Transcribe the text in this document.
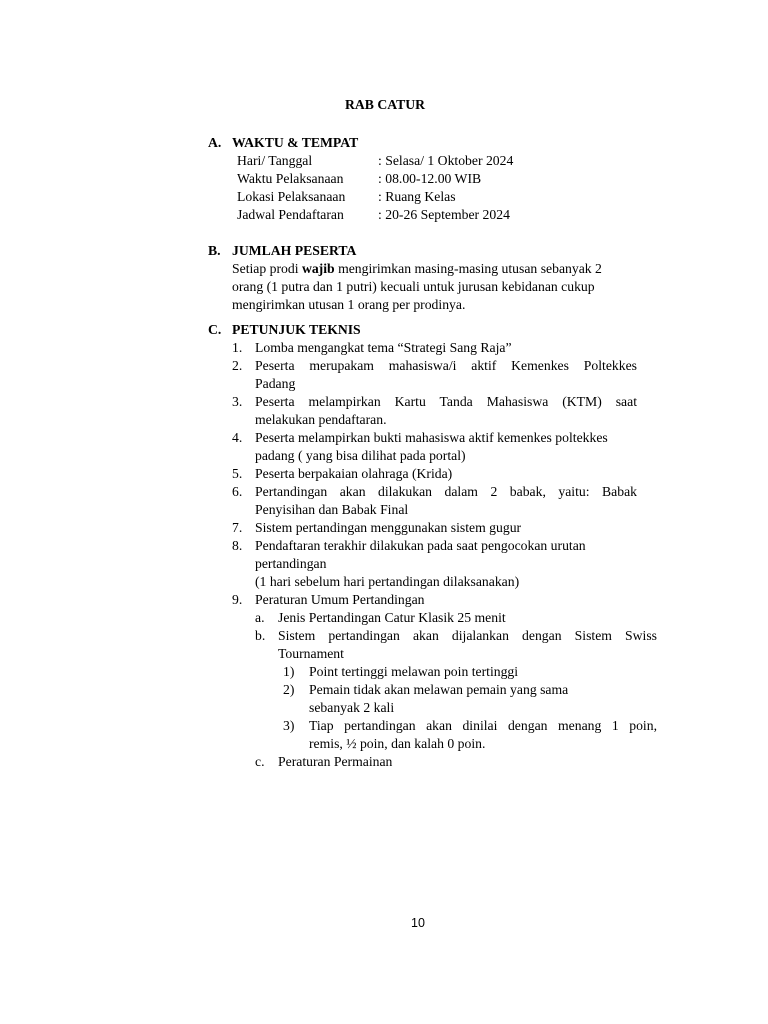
RAB CATUR
A. WAKTU & TEMPAT
Hari/ Tanggal	: Selasa/ 1 Oktober 2024
Waktu Pelaksanaan	: 08.00-12.00 WIB
Lokasi Pelaksanaan : Ruang Kelas
Jadwal Pendaftaran : 20-26 September 2024
B. JUMLAH PESERTA
Setiap prodi wajib mengirimkan masing-masing utusan sebanyak 2
orang (1 putra dan 1 putri) kecuali untuk jurusan kebidanan cukup
mengirimkan utusan 1 orang per prodinya.
C. PETUNJUK TEKNIS
1. Lomba mengangkat tema “Strategi Sang Raja”
2. Peserta merupakam mahasiswa/i aktif Kemenkes Poltekkes
Padang
3. Peserta melampirkan Kartu Tanda Mahasiswa (KTM) saat
melakukan pendaftaran.
4. Peserta melampirkan bukti mahasiswa aktif kemenkes poltekkes
padang ( yang bisa dilihat pada portal)
5. Peserta berpakaian olahraga (Krida)
6. Pertandingan akan dilakukan dalam 2 babak, yaitu: Babak
Penyisihan dan Babak Final
7. Sistem pertandingan menggunakan sistem gugur
8. Pendaftaran terakhir dilakukan pada saat pengocokan urutan
pertandingan
(1 hari sebelum hari pertandingan dilaksanakan)
9. Peraturan Umum Pertandingan
a. Jenis Pertandingan Catur Klasik 25 menit
b. Sistem pertandingan akan dijalankan dengan Sistem Swiss
Tournament
1) Point tertinggi melawan poin tertinggi
2) Pemain tidak akan melawan pemain yang sama
sebanyak 2 kali
3) Tiap pertandingan akan dinilai dengan menang 1 poin,
remis, ½ poin, dan kalah 0 poin.
c. Peraturan Permainan
10
